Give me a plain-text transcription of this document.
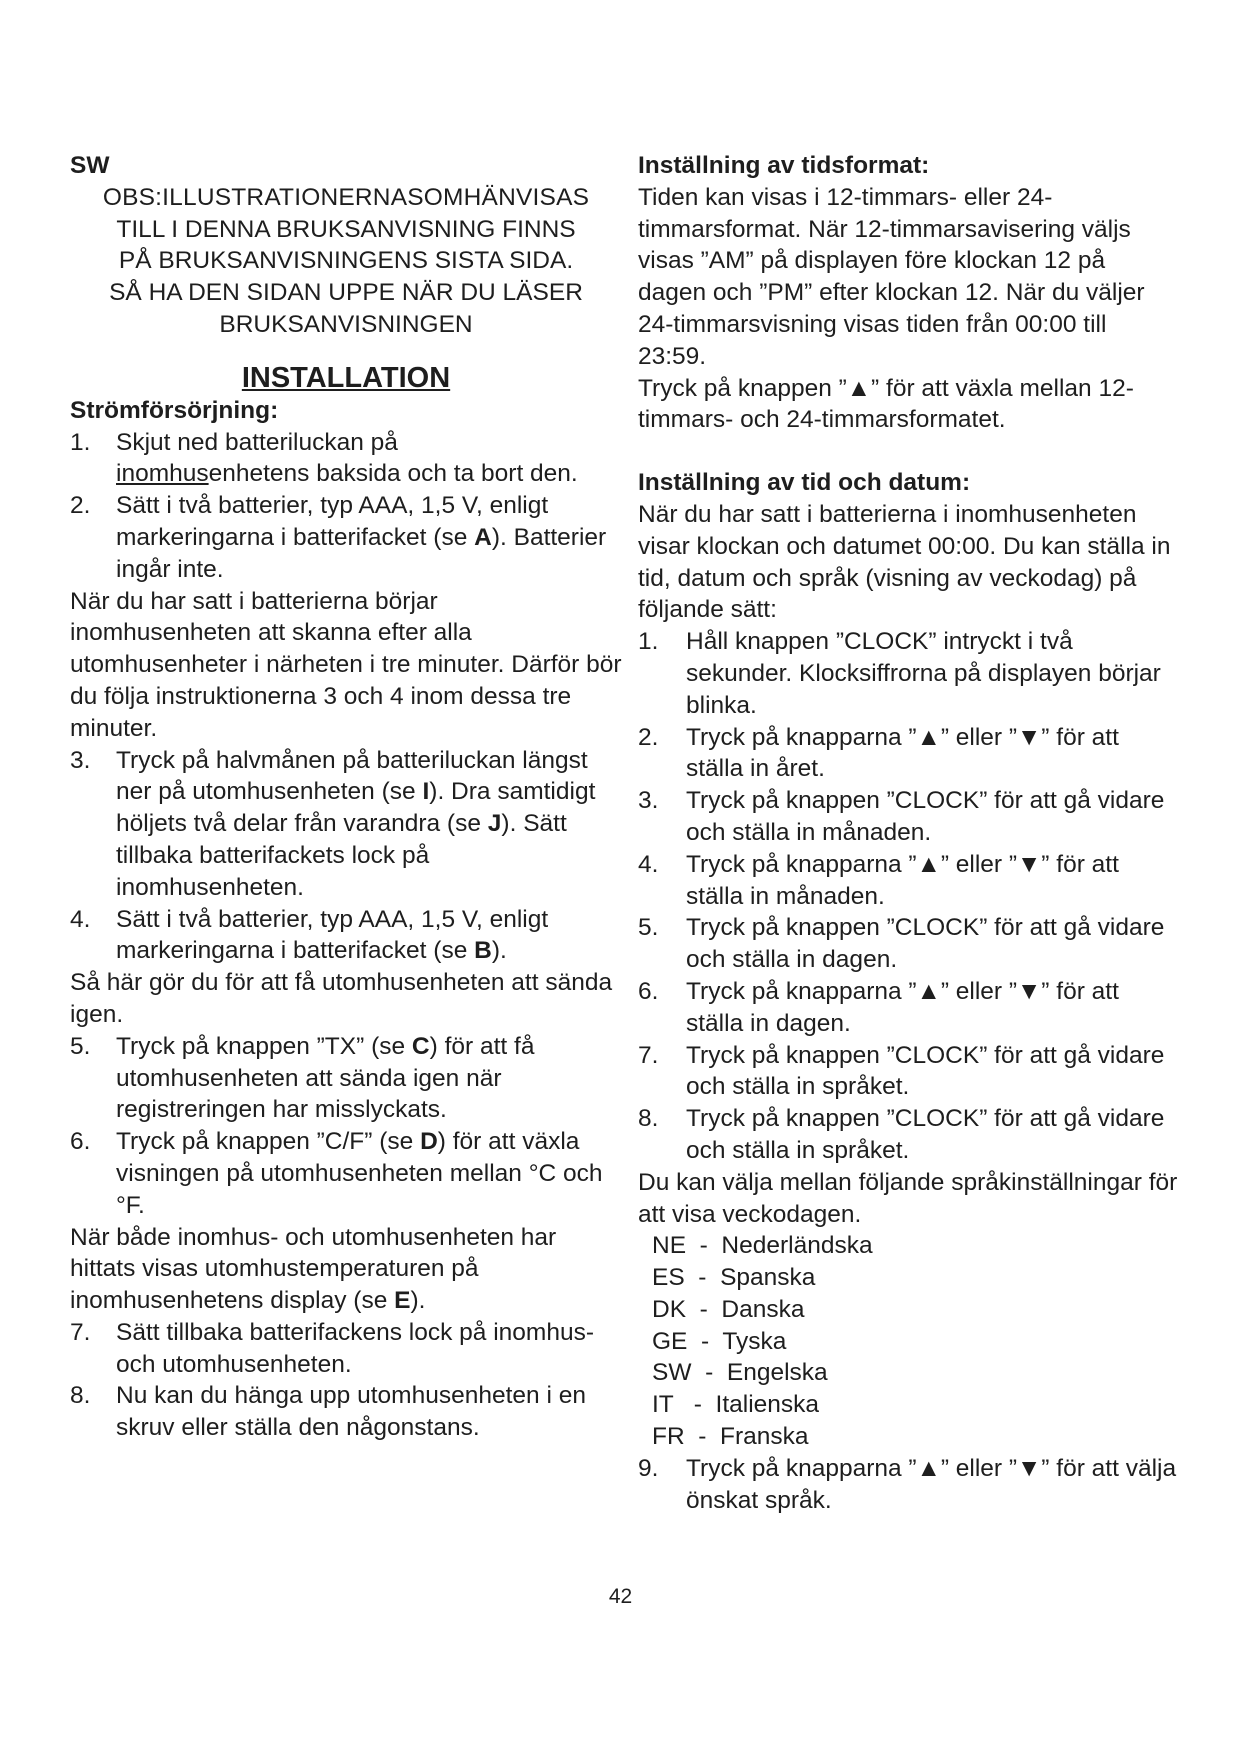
SW

OBS:ILLUSTRATIONERNASOMHÄNVISAS
TILL I DENNA BRUKSANVISNING FINNS
PÅ BRUKSANVISNINGENS SISTA SIDA.
SÅ HA DEN SIDAN UPPE NÄR DU LÄSER
BRUKSANVISNINGEN
INSTALLATION

Strömförsörjning:

1. Skjut ned batteriluckan på
inomhusenhetens baksida och ta bort den.
2. Sätt i två batterier, typ AAA, 1,5 V, enligt markeringarna i batterifacket (se A). Batterier ingår inte.

När du har satt i batterierna börjar inomhusenheten att skanna efter alla utomhusenheter i närheten i tre minuter. Därför bör du följa instruktionerna 3 och 4 inom dessa tre minuter.

3. Tryck på halvmånen på batteriluckan längst ner på utomhusenheten (se I). Dra samtidigt höljets två delar från varandra (se J). Sätt tillbaka batterifackets lock på inomhusenheten.
4. Sätt i två batterier, typ AAA, 1,5 V, enligt markeringarna i batterifacket (se B).

Så här gör du för att få utomhusenheten att sända igen.

5. Tryck på knappen ”TX” (se C) för att få utomhusenheten att sända igen när registreringen har misslyckats.
6. Tryck på knappen ”C/F” (se D) för att växla visningen på utomhusenheten mellan °C och °F.

När både inomhus- och utomhusenheten har hittats visas utomhustemperaturen på inomhusenhetens display (se E).

7. Sätt tillbaka batterifackens lock på inomhus- och utomhusenheten.
8. Nu kan du hänga upp utomhusenheten i en skruv eller ställa den någonstans.

Inställning av tidsformat:

Tiden kan visas i 12-timmars- eller 24-timmarsformat. När 12-timmarsavisering väljs visas ”AM” på displayen före klockan 12 på dagen och ”PM” efter klockan 12. När du väljer 24-timmarsvisning visas tiden från 00:00 till 23:59.

Tryck på knappen ”▲” för att växla mellan 12-timmars- och 24-timmarsformatet.

Inställning av tid och datum:

När du har satt i batterierna i inomhusenheten visar klockan och datumet 00:00. Du kan ställa in tid, datum och språk (visning av veckodag) på följande sätt:

1. Håll knappen ”CLOCK” intryckt i två sekunder. Klocksiffrorna på displayen börjar blinka.
2. Tryck på knapparna ”▲” eller ”▼” för att ställa in året.
3. Tryck på knappen ”CLOCK” för att gå vidare och ställa in månaden.
4. Tryck på knapparna ”▲” eller ”▼” för att ställa in månaden.
5. Tryck på knappen ”CLOCK” för att gå vidare och ställa in dagen.
6. Tryck på knapparna ”▲” eller ”▼” för att ställa in dagen.
7. Tryck på knappen ”CLOCK” för att gå vidare och ställa in språket.
8. Tryck på knappen ”CLOCK” för att gå vidare och ställa in språket.

Du kan välja mellan följande språkinställningar för att visa veckodagen.

NE  -  Nederländska
ES  -  Spanska
DK  -  Danska
GE  -  Tyska
SW  -  Engelska
IT   -  Italienska
FR  -  Franska
9. Tryck på knapparna ”▲” eller ”▼” för att välja önskat språk.
42
